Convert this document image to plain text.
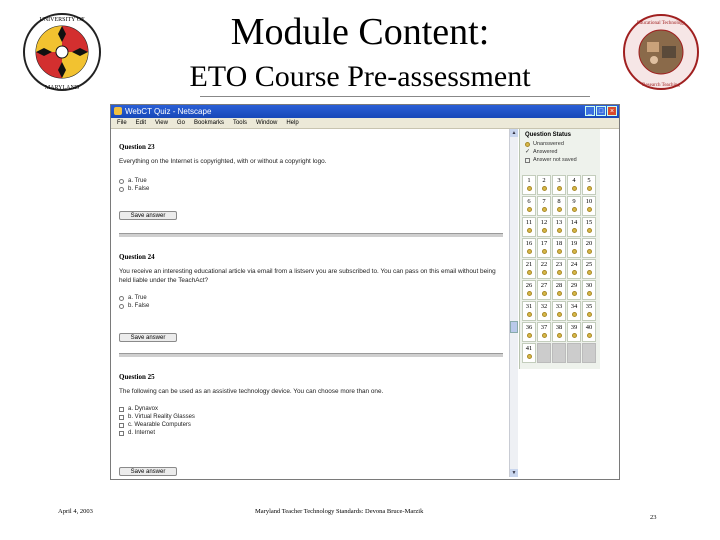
Module Content:
ETO Course Pre-assessment
UNIVERSITY OF
MARYLAND
Educational Technology
Research Teaching
WebCT Quiz - Netscape	_ □ ×
File Edit View Go Bookmarks Tools Window Help
Question 23
Everything on the Internet is copyrighted, with or without a copyright logo.
a. True
b. False
Save answer
Question 24
You receive an interesting educational article via email from a listserv you are subscribed to. You can pass on this email without being held liable under the TeachAct?
a. True
b. False
Save answer
Question 25
The following can be used as an assistive technology device. You can choose more than one.
a. Dynavox
b. Virtual Reality Glasses
c. Wearable Computers
d. Internet
Save answer
▲
▼
Question Status
Unanswered
✓ Answered
Answer not saved
1	2	3	4	5
6	7	8	9	10
11	12	13	14	15
16	17	18	19	20
21	22	23	24	25
26	27	28	29	30
31	32	33	34	35
36	37	38	39	40
41
April 4, 2003	Maryland Teacher Technology Standards: Devona Bruce-Marzik
23
